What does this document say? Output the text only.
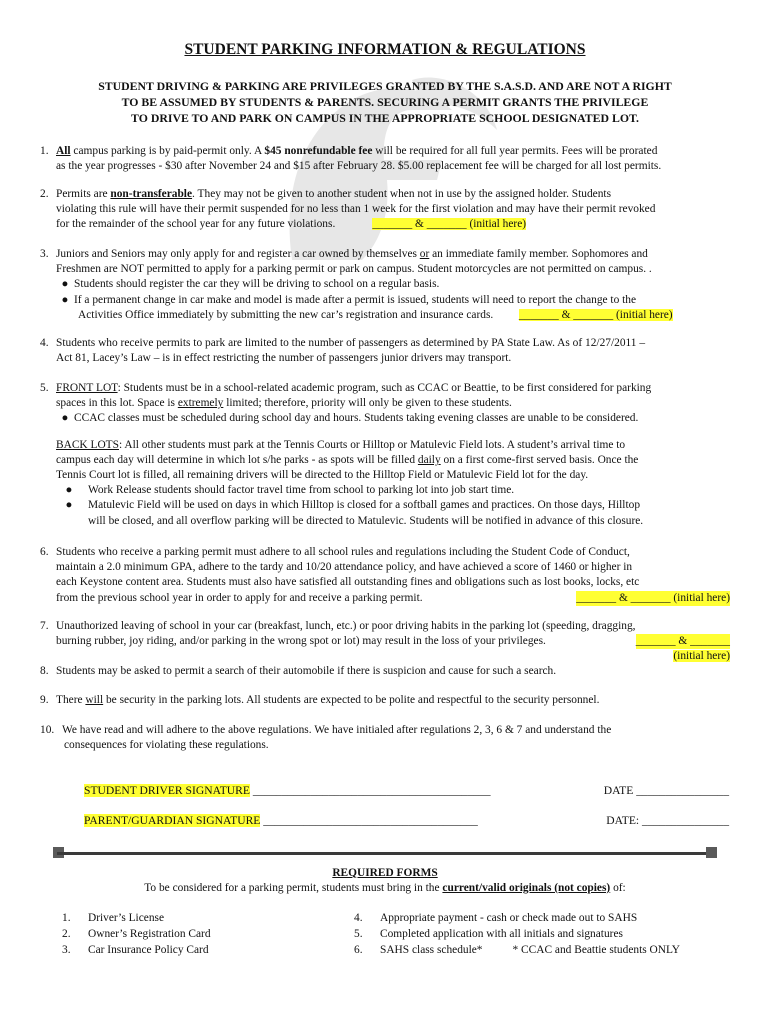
STUDENT PARKING INFORMATION & REGULATIONS
STUDENT DRIVING & PARKING ARE PRIVILEGES GRANTED BY THE S.A.S.D. AND ARE NOT A RIGHT
TO BE ASSUMED BY STUDENTS & PARENTS. SECURING A PERMIT GRANTS THE PRIVILEGE
TO DRIVE TO AND PARK ON CAMPUS IN THE APPROPRIATE SCHOOL DESIGNATED LOT.
1. All campus parking is by paid-permit only. A $45 nonrefundable fee will be required for all full year permits. Fees will be prorated
as the year progresses - $30 after November 24 and $15 after February 28. $5.00 replacement fee will be charged for all lost permits.
2. Permits are non-transferable. They may not be given to another student when not in use by the assigned holder. Students
violating this rule will have their permit suspended for no less than 1 week for the first violation and may have their permit revoked
for the remainder of the school year for any future violations.	_______ & _______ (initial here)
3. Juniors and Seniors may only apply for and register a car owned by themselves or an immediate family member. Sophomores and
Freshmen are NOT permitted to apply for a parking permit or park on campus. Student motorcycles are not permitted on campus. .
● Students should register the car they will be driving to school on a regular basis.
● If a permanent change in car make and model is made after a permit is issued, students will need to report the change to the
Activities Office immediately by submitting the new car’s registration and insurance cards. _______ & _______ (initial here)
4. Students who receive permits to park are limited to the number of passengers as determined by PA State Law. As of 12/27/2011 –
Act 81, Lacey’s Law – is in effect restricting the number of passengers junior drivers may transport.
5. FRONT LOT: Students must be in a school-related academic program, such as CCAC or Beattie, to be first considered for parking
spaces in this lot. Space is extremely limited; therefore, priority will only be given to these students.
● CCAC classes must be scheduled during school day and hours. Students taking evening classes are unable to be considered.
BACK LOTS: All other students must park at the Tennis Courts or Hilltop or Matulevic Field lots. A student’s arrival time to
campus each day will determine in which lot s/he parks - as spots will be filled daily on a first come-first served basis. Once the
Tennis Court lot is filled, all remaining drivers will be directed to the Hilltop Field or Matulevic Field lot for the day.
●	Work Release students should factor travel time from school to parking lot into job start time.
●	Matulevic Field will be used on days in which Hilltop is closed for a softball games and practices. On those days, Hilltop
will be closed, and all overflow parking will be directed to Matulevic. Students will be notified in advance of this closure.
6. Students who receive a parking permit must adhere to all school rules and regulations including the Student Code of Conduct,
maintain a 2.0 minimum GPA, adhere to the tardy and 10/20 attendance policy, and have achieved a score of 1460 or higher in
each Keystone content area. Students must also have satisfied all outstanding fines and obligations such as lost books, locks, etc
from the previous school year in order to apply for and receive a parking permit.	_______ & _______ (initial here)
7. Unauthorized leaving of school in your car (breakfast, lunch, etc.) or poor driving habits in the parking lot (speeding, dragging,
burning rubber, joy riding, and/or parking in the wrong spot or lot) may result in the loss of your privileges.	_______ & _______
(initial here)
8. Students may be asked to permit a search of their automobile if there is suspicion and cause for such a search.
9. There will be security in the parking lots. All students are expected to be polite and respectful to the security personnel.
10. We have read and will adhere to the above regulations. We have initialed after regulations 2, 3, 6 & 7 and understand the
consequences for violating these regulations.
STUDENT DRIVER SIGNATURE _________________________________________	DATE ________________
PARENT/GUARDIAN SIGNATURE _____________________________________	DATE: _______________
REQUIRED FORMS
To be considered for a parking permit, students must bring in the current/valid originals (not copies) of:
1. Driver’s License
2. Owner’s Registration Card
3. Car Insurance Policy Card
4. Appropriate payment - cash or check made out to SAHS
5. Completed application with all initials and signatures
6. SAHS class schedule*	* CCAC and Beattie students ONLY
